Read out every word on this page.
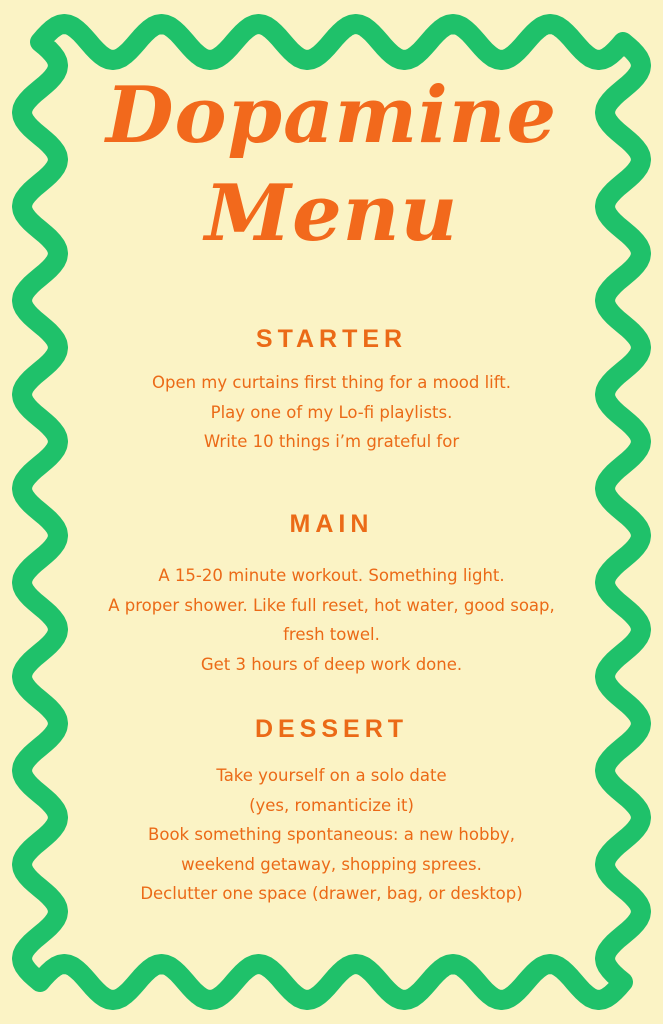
Dopamine
Menu
STARTER
Open my curtains first thing for a mood lift.
Play one of my Lo-fi playlists.
Write 10 things i’m grateful for
MAIN
A 15-20 minute workout. Something light.
A proper shower. Like full reset, hot water, good soap,
fresh towel.
Get 3 hours of deep work done.
DESSERT
Take yourself on a solo date
(yes, romanticize it)
Book something spontaneous: a new hobby,
weekend getaway, shopping sprees.
Declutter one space (drawer, bag, or desktop)
